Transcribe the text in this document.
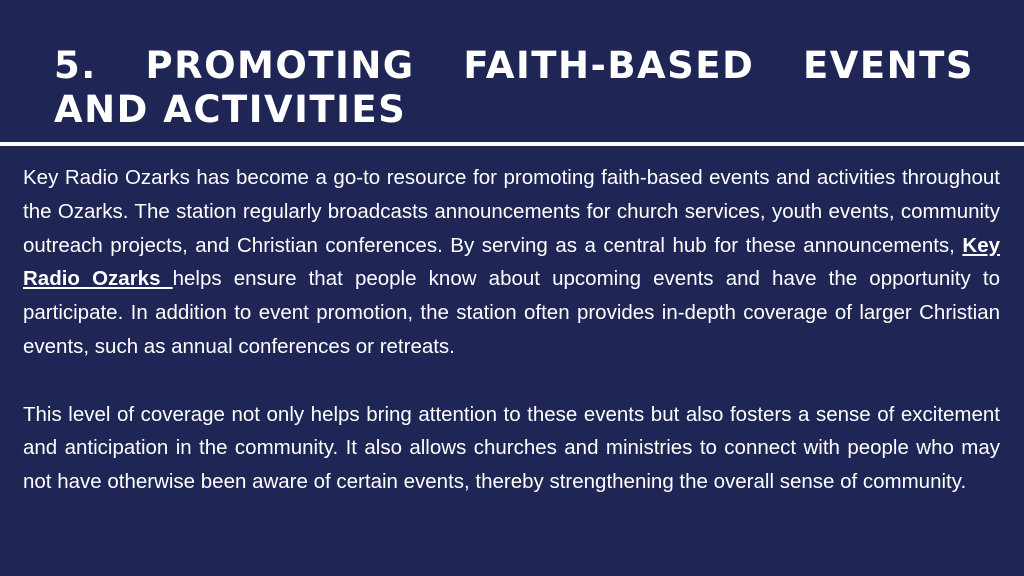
5. PROMOTING FAITH-BASED EVENTS AND ACTIVITIES

Key Radio Ozarks has become a go-to resource for promoting faith-based events and activities throughout the Ozarks. The station regularly broadcasts announcements for church services, youth events, community outreach projects, and Christian conferences. By serving as a central hub for these announcements, Key Radio Ozarks helps ensure that people know about upcoming events and have the opportunity to participate. In addition to event promotion, the station often provides in-depth coverage of larger Christian events, such as annual conferences or retreats.

This level of coverage not only helps bring attention to these events but also fosters a sense of excitement and anticipation in the community. It also allows churches and ministries to connect with people who may not have otherwise been aware of certain events, thereby strengthening the overall sense of community.
